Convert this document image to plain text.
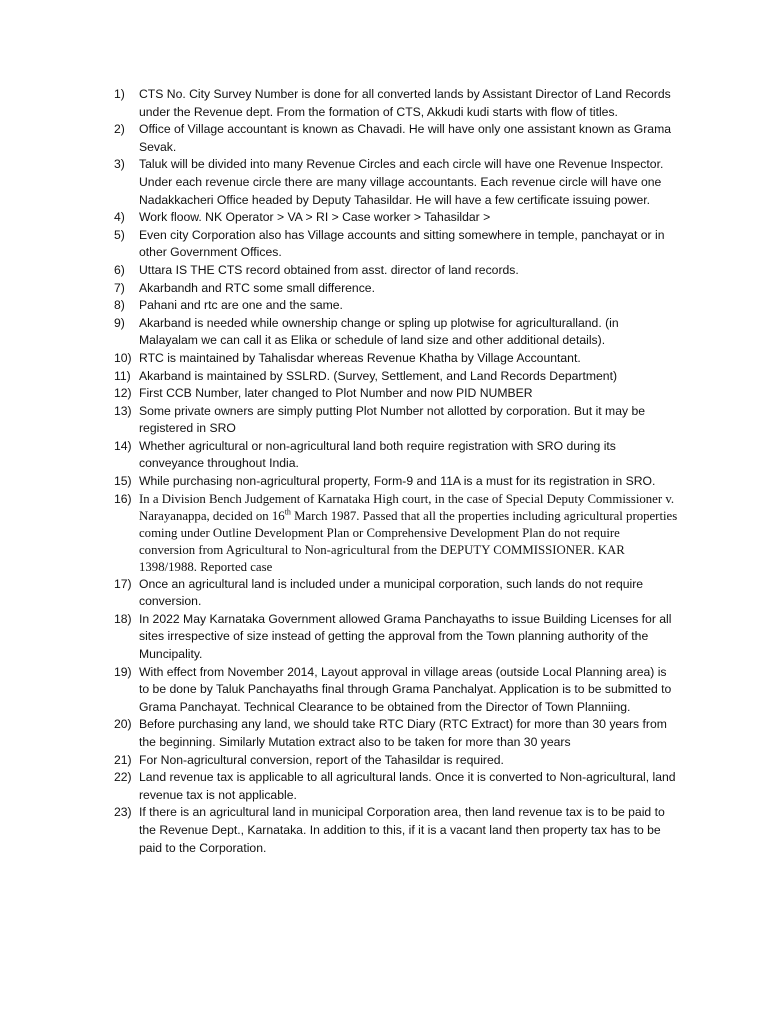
1)	CTS No. City Survey Number is done for all converted lands by Assistant Director of Land Records under the Revenue dept. From the formation of CTS, Akkudi kudi starts with flow of titles.
2)	Office of Village accountant is known as Chavadi. He will have only one assistant known as Grama Sevak.
3)	Taluk will be divided into many Revenue Circles and each circle will have one Revenue Inspector. Under each revenue circle there are many village accountants. Each revenue circle will have one Nadakkacheri Office headed by Deputy Tahasildar. He will have a few certificate issuing power.
4)	Work floow. NK Operator > VA > RI > Case worker > Tahasildar >
5)	Even city Corporation also has Village accounts and sitting somewhere in temple, panchayat or in other Government Offices.
6)	Uttara IS THE CTS record obtained from asst. director of land records.
7)	Akarbandh and RTC some small difference.
8)	Pahani and rtc are one and the same.
9)	Akarband is needed while ownership change or spling up plotwise for agriculturalland. (in Malayalam we can call it as Elika or schedule of land size and other additional details).
10) RTC is maintained by Tahalisdar whereas Revenue Khatha by Village Accountant.
11) Akarband is maintained by SSLRD. (Survey, Settlement, and Land Records Department)
12) First CCB Number, later changed to Plot Number and now PID NUMBER
13) Some private owners are simply putting Plot Number not allotted by corporation. But it may be registered in SRO
14) Whether agricultural or non-agricultural land both require registration with SRO during its conveyance throughout India.
15) While purchasing non-agricultural property, Form-9 and 11A is a must for its registration in SRO.
16) In a Division Bench Judgement of Karnataka High court, in the case of Special Deputy Commissioner v. Narayanappa, decided on 16th March 1987. Passed that all the properties including agricultural properties coming under Outline Development Plan or Comprehensive Development Plan do not require conversion from Agricultural to Non-agricultural from the DEPUTY COMMISSIONER. KAR 1398/1988. Reported case
17) Once an agricultural land is included under a municipal corporation, such lands do not require conversion.
18) In 2022 May Karnataka Government allowed Grama Panchayaths to issue Building Licenses for all sites irrespective of size instead of getting the approval from the Town planning authority of the Muncipality.
19) With effect from November 2014, Layout approval in village areas (outside Local Planning area) is to be done by Taluk Panchayaths final through Grama Panchalyat. Application is to be submitted to Grama Panchayat. Technical Clearance to be obtained from the Director of Town Planniing.
20) Before purchasing any land, we should take RTC Diary (RTC Extract) for more than 30 years from the beginning. Similarly Mutation extract also to be taken for more than 30 years
21) For Non-agricultural conversion, report of the Tahasildar is required.
22) Land revenue tax is applicable to all agricultural lands. Once it is converted to Non-agricultural, land revenue tax is not applicable.
23) If there is an agricultural land in municipal Corporation area, then land revenue tax is to be paid to the Revenue Dept., Karnataka. In addition to this, if it is a vacant land then property tax has to be paid to the Corporation.
